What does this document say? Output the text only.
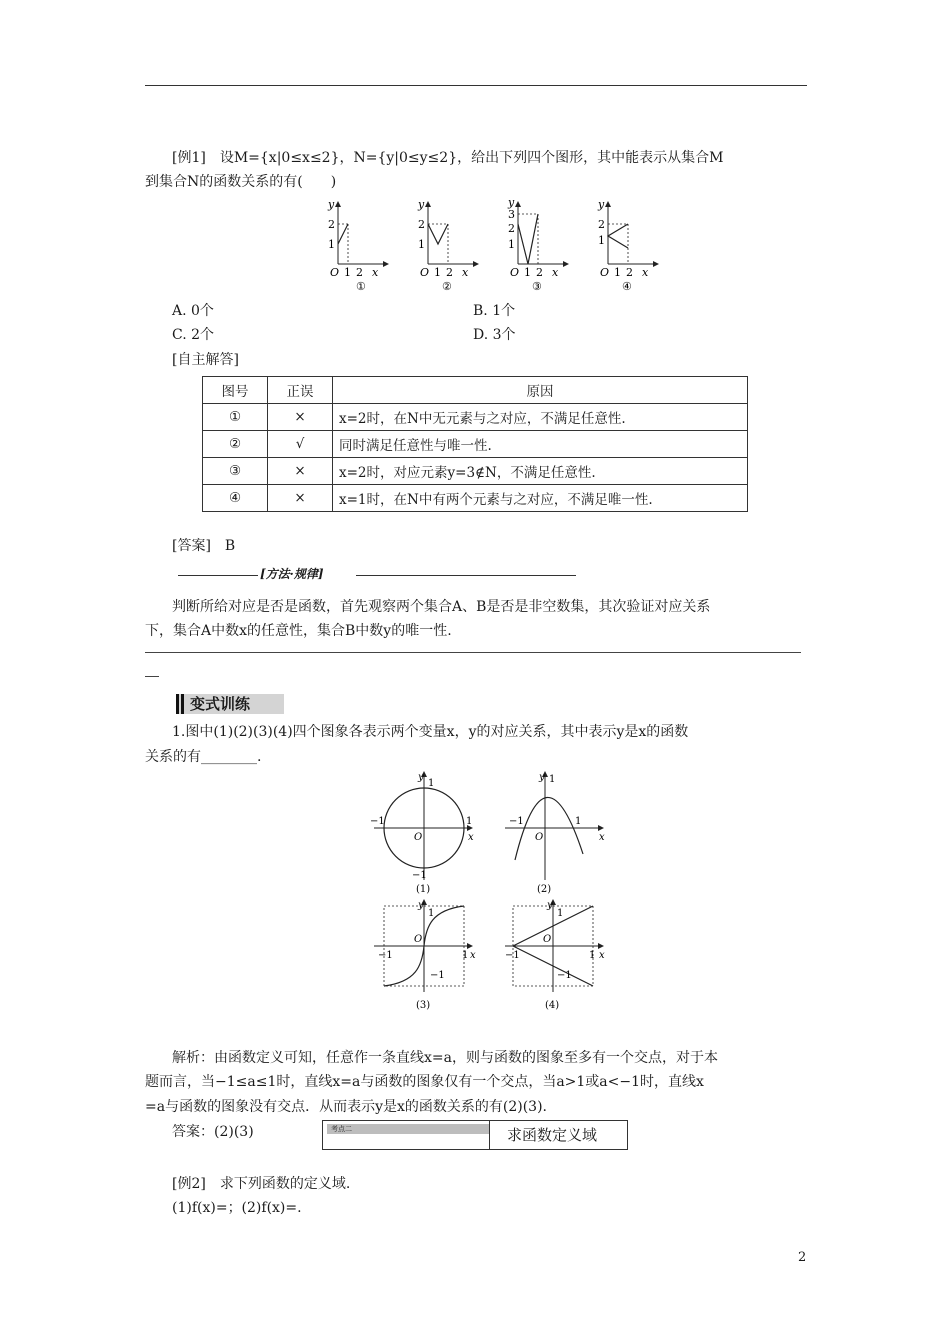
[例1]　设M={x|0≤x≤2}，N={y|0≤y≤2}，给出下列四个图形，其中能表示从集合M
到集合N的函数关系的有(　　)
y
2
1
O 1 2 x
①
y
2
1
O 1 2 x
②
y
3
2
1
O 1 2 x
③
y
2
1
O 1 2 x
④
A. 0个	B. 1个
C. 2个	D. 3个
[自主解答]
图号	正误	原因
①	×	x=2时，在N中无元素与之对应，不满足任意性.
②	√	同时满足任意性与唯一性.
③	×	x=2时，对应元素y=3∉N，不满足任意性.
④	×	x=1时，在N中有两个元素与之对应，不满足唯一性.
[答案]　B
[方法·规律]
判断所给对应是否是函数，首先观察两个集合A、B是否是非空数集，其次验证对应关系
下，集合A中数x的任意性，集合B中数y的唯一性.
变式训练
1.图中(1)(2)(3)(4)四个图象各表示两个变量x，y的对应关系，其中表示y是x的函数
关系的有________.
y
1
−1	1
x
O
−1
(1)
y 1
−1	1
x
O
(2)
y
1
−1	1 x
O
−1
(3)
y
1
−1	1 x
O
−1
(4)
解析：由函数定义可知，任意作一条直线x=a，则与函数的图象至多有一个交点，对于本
题而言，当−1≤a≤1时，直线x=a与函数的图象仅有一个交点，当a>1或a<−1时，直线x
=a与函数的图象没有交点．从而表示y是x的函数关系的有(2)(3).
答案：(2)(3)	考点二	求函数定义域
[例2]　求下列函数的定义域.
(1)f(x)=；(2)f(x)=.
2
